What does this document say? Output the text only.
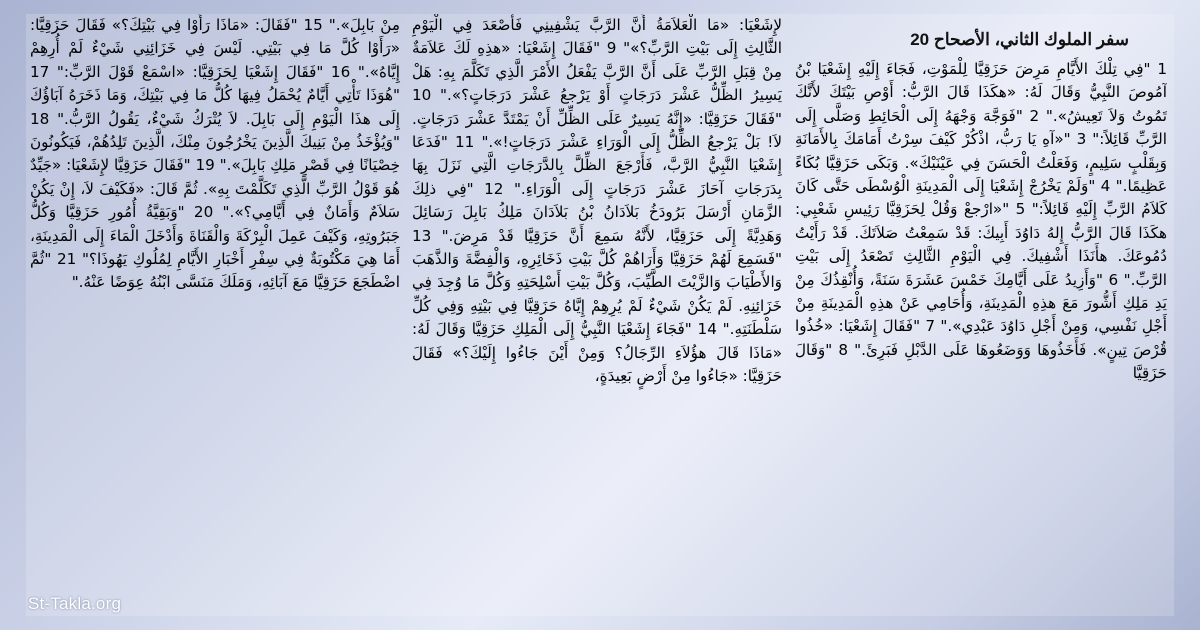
سفر الملوك الثاني، الأصحاح 20

1 "فِي تِلْكَ الأَيَّامِ مَرِضَ حَزَقِيَّا لِلْمَوْتِ، فَجَاءَ إِلَيْهِ إِشَعْيَا بْنُ آمُوصَ النَّبِيُّ وَقَالَ لَهُ: «هكَذَا قَالَ الرَّبُّ: أَوْصِ بَيْتَكَ لأَنَّكَ تَمُوتُ وَلاَ تَعِيشُ»." 2 "فَوَجَّهَ وَجْهَهُ إِلَى الْحَائِطِ وَصَلَّى إِلَى الرَّبِّ قَائِلاً:" 3 "«آهِ يَا رَبُّ، اذْكُرْ كَيْفَ سِرْتُ أَمَامَكَ بِالأَمَانَةِ وَبِقَلْبٍ سَلِيمٍ، وَفَعَلْتُ الْحَسَنَ فِي عَيْنَيْكَ». وَبَكَى حَزَقِيَّا بُكَاءً عَظِيمًا." 4 "وَلَمْ يَخْرُجْ إِشَعْيَا إِلَى الْمَدِينَةِ الْوُسْطَى حَتَّى كَانَ كَلاَمُ الرَّبِّ إِلَيْهِ قَائِلاً:" 5 "«ارْجعْ وَقُلْ لِحَزَقِيَّا رَئِيسِ شَعْبِي: هكَذَا قَالَ الرَّبُّ إِلهُ دَاوُدَ أَبِيكَ: قَدْ سَمِعْتُ صَلاَتَكَ. قَدْ رَأَيْتُ دُمُوعَكَ. هأَنَذَا أَشْفِيكَ. فِي الْيَوْمِ الثَّالِثِ تَصْعَدُ إِلَى بَيْتِ الرَّبِّ." 6 "وَأَزِيدُ عَلَى أَيَّامِكَ خَمْسَ عَشَرَةَ سَنَةً، وَأُنْقِذُكَ مِنْ يَدِ مَلِكِ أَشُّورَ مَعَ هذِهِ الْمَدِينَةِ، وَأُحَامِي عَنْ هذِهِ الْمَدِينَةِ مِنْ أَجْلِ نَفْسِي، وَمِنْ أَجْلِ دَاوُدَ عَبْدِي»." 7 "فَقَالَ إِشَعْيَا: «خُذُوا قُرْصَ تِينٍ». فَأَخَذُوهَا وَوَضَعُوهَا عَلَى الدَّبْلِ فَبَرِئَ." 8 "وَقَالَ حَزَقِيَّا

لإِشَعْيَا: «مَا الْعَلاَمَةُ أَنَّ الرَّبَّ يَشْفِينِي فَأَصْعَدَ فِي الْيَوْمِ الثَّالِثِ إِلَى بَيْتِ الرَّبِّ؟»" 9 "فَقَالَ إِشَعْيَا: «هذِهِ لَكَ عَلاَمَةٌ مِنْ قِبَلِ الرَّبِّ عَلَى أَنَّ الرَّبَّ يَفْعَلُ الأَمْرَ الَّذِي تَكَلَّمَ بِهِ: هَلْ يَسِيرُ الظِّلُّ عَشْرَ دَرَجَاتٍ أَوْ يَرْجعُ عَشْرَ دَرَجَاتٍ؟»." 10 "فَقَالَ حَزَقِيَّا: «إِنَّهُ يَسِيرٌ عَلَى الظِّلِّ أَنْ يَمْتَدَّ عَشْرَ دَرَجَاتٍ. لاَ! بَلْ يَرْجعُ الظِّلُّ إِلَى الْوَرَاءِ عَشْرَ دَرَجَاتٍ!»." 11 "فَدَعَا إِشَعْيَا النَّبِيُّ الرَّبَّ، فَأَرْجَعَ الظِّلَّ بِالدَّرَجَاتِ الَّتِي نَزَلَ بِهَا بِدَرَجَاتِ آحَازَ عَشْرَ دَرَجَاتٍ إِلَى الْوَرَاءِ." 12 "فِي ذلِكَ الزَّمَانِ أَرْسَلَ بَرُودَخُ بَلاَدَانُ بْنُ بَلاَدَانَ مَلِكُ بَابِلَ رَسَائِلَ وَهَدِيَّةً إِلَى حَزَقِيَّا، لأَنَّهُ سَمِعَ أَنَّ حَزَقِيَّا قَدْ مَرِضَ." 13 "فَسَمِعَ لَهُمْ حَزَقِيَّا وَأَرَاهُمْ كُلَّ بَيْتِ ذَخَائِرِهِ، وَالْفِضَّةَ وَالذَّهَبَ وَالأَطْيَابَ وَالزَّيْتَ الطَّيِّبَ، وَكُلَّ بَيْتِ أَسْلِحَتِهِ وَكُلَّ مَا وُجِدَ فِي خَزَائِنِهِ. لَمْ يَكُنْ شَيْءٌ لَمْ يُرِهِمْ إِيَّاهُ حَزَقِيَّا فِي بَيْتِهِ وَفِي كُلِّ سَلْطَنَتِهِ." 14 "فَجَاءَ إِشَعْيَا النَّبِيُّ إِلَى الْمَلِكِ حَزَقِيَّا وَقَالَ لَهُ: «مَاذَا قَالَ هؤُلاَءِ الرِّجَالُ؟ وَمِنْ أَيْنَ جَاءُوا إِلَيْكَ؟» فَقَالَ حَزَقِيَّا: «جَاءُوا مِنْ أَرْضٍ بَعِيدَةٍ،

مِنْ بَابِلَ»." 15 "فَقَالَ: «مَاذَا رَأَوْا فِي بَيْتِكَ؟» فَقَالَ حَزَقِيَّا: «رَأَوْا كُلَّ مَا فِي بَيْتِي. لَيْسَ فِي خَزَائِنِي شَيْءٌ لَمْ أُرِهِمْ إِيَّاهُ»." 16 "فَقَالَ إِشَعْيَا لِحَزَقِيَّا: «اسْمَعْ قَوْلَ الرَّبِّ:" 17 "هُوَذَا تَأْتِي أَيَّامٌ يُحْمَلُ فِيهَا كُلُّ مَا فِي بَيْتِكَ، وَمَا ذَخَرَهُ آبَاؤُكَ إِلَى هذَا الْيَوْمِ إِلَى بَابِلَ. لاَ يُتْرَكُ شَيْءٌ، يَقُولُ الرَّبُّ." 18 "وَيُؤْخَذُ مِنْ بَنِيكَ الَّذِينَ يَخْرُجُونَ مِنْكَ، الَّذِينَ تَلِدُهُمْ، فَيَكُونُونَ خِصْيَانًا فِي قَصْرِ مَلِكِ بَابِلَ»." 19 "فَقَالَ حَزَقِيَّا لإِشَعْيَا: «جَيِّدٌ هُوَ قَوْلُ الرَّبِّ الَّذِي تَكَلَّمْتَ بِهِ». ثُمَّ قَالَ: «فَكَيْفَ لاَ، إِنْ يَكُنْ سَلاَمٌ وَأَمَانٌ فِي أَيَّامِي؟»." 20 "وَبَقِيَّةُ أُمُورِ حَزَقِيَّا وَكُلُّ جَبَرُوتِهِ، وَكَيْفَ عَمِلَ الْبِرْكَةَ وَالْقَنَاةَ وَأَدْخَلَ الْمَاءَ إِلَى الْمَدِينَةِ، أَمَا هِيَ مَكْتُوبَةٌ فِي سِفْرِ أَخْبَارِ الأَيَّامِ لِمُلُوكِ يَهُوذَا؟" 21 "ثُمَّ اضْطَجَعَ حَزَقِيَّا مَعَ آبَائِهِ، وَمَلَكَ مَنَسَّى ابْنُهُ عِوَضًا عَنْهُ."

St-Takla.org
